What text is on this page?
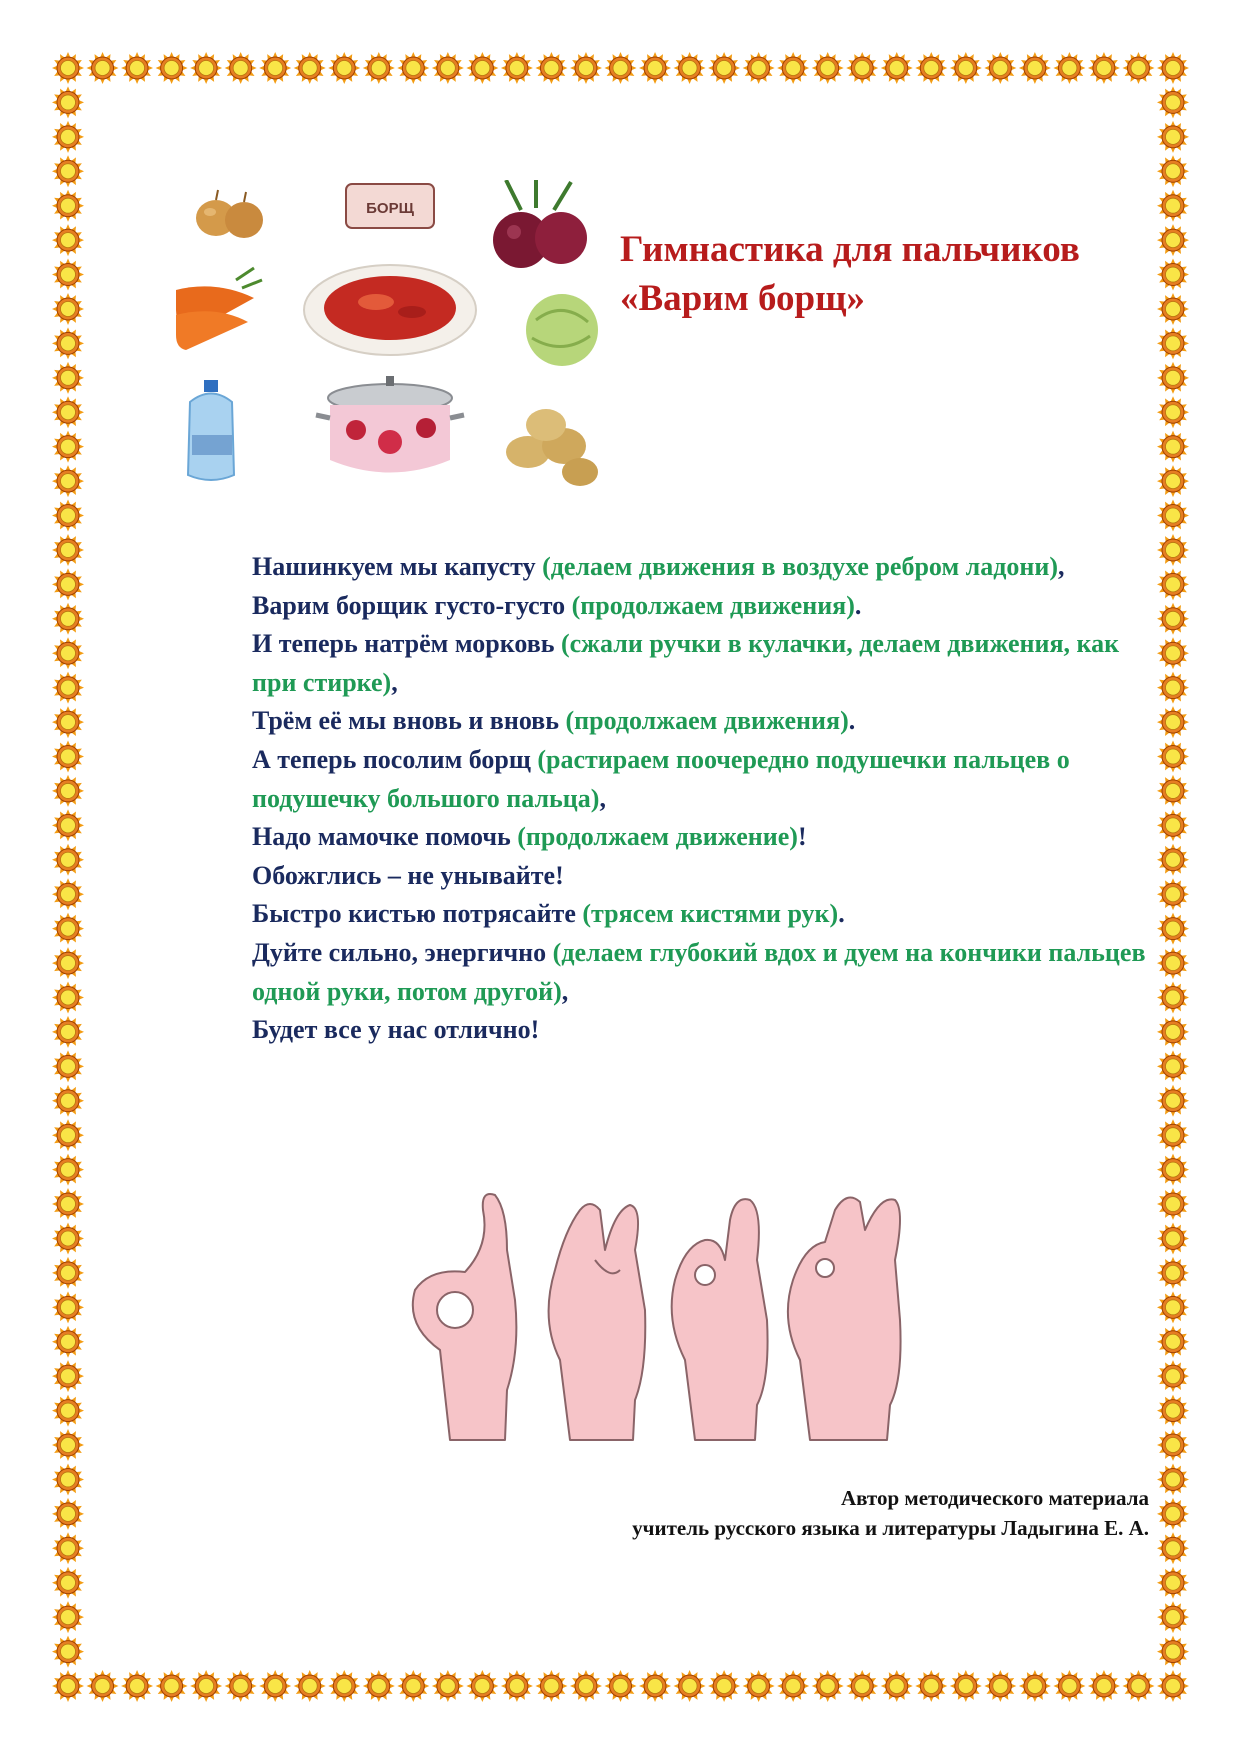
БОРЩ
Гимнастика для пальчиков
«Варим борщ»

Нашинкуем мы капусту (делаем движения в воздухе ребром ладони),

Варим борщик густо-густо (продолжаем движения).

И теперь натрём морковь (сжали ручки в кулачки, делаем движения, как при стирке),

Трём её мы вновь и вновь (продолжаем движения).

А теперь посолим борщ (растираем поочередно подушечки пальцев о подушечку большого пальца),

Надо мамочке помочь (продолжаем движение)!

Обожглись – не унывайте!

Быстро кистью потрясайте (трясем кистями рук).

Дуйте сильно, энергично (делаем глубокий вдох и дуем на кончики пальцев одной руки, потом другой),

Будет все у нас отлично!

Автор методического материала
учитель русского языка и литературы Ладыгина Е. А.
